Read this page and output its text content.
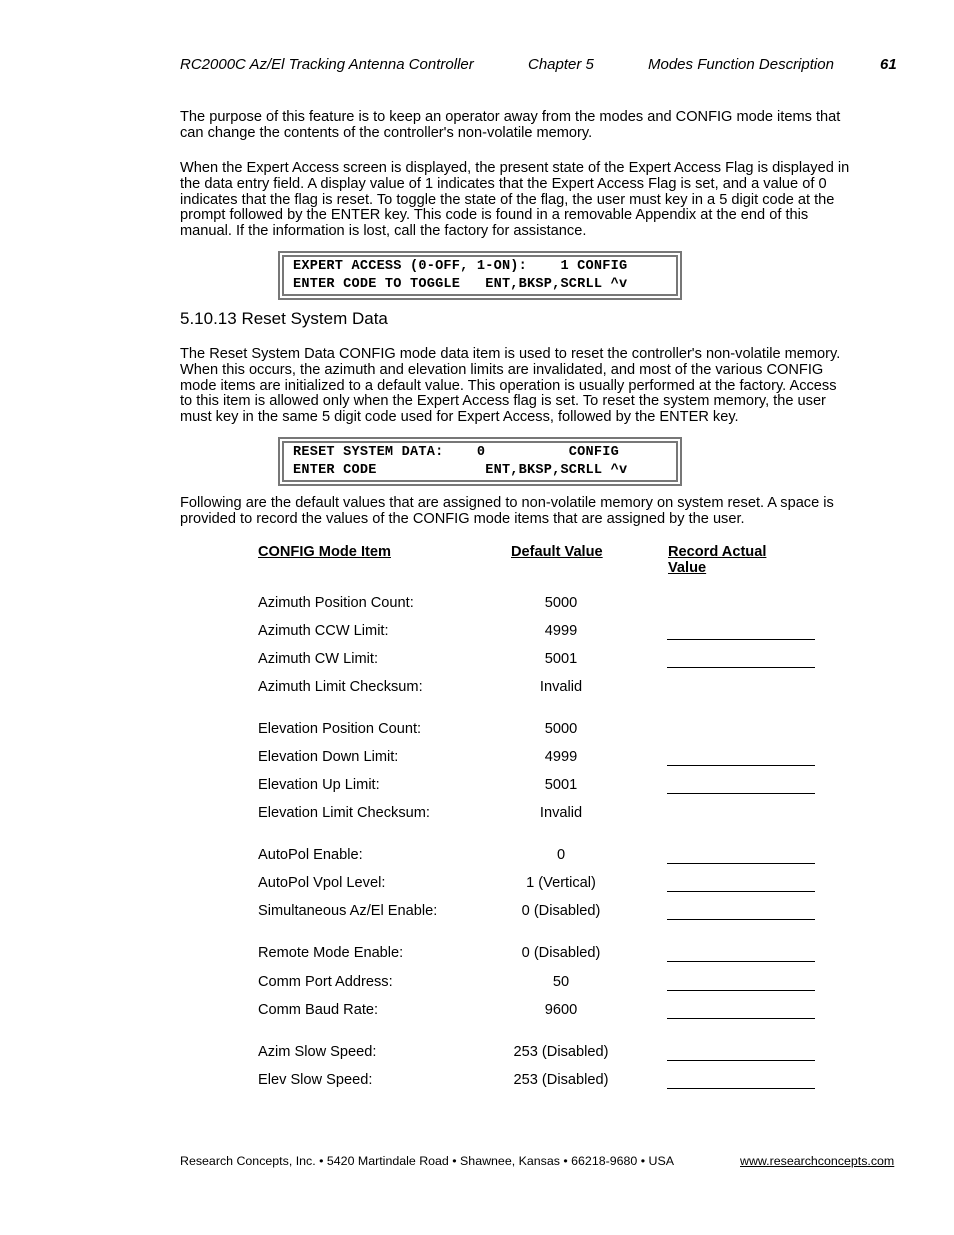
RC2000C Az/El Tracking Antenna Controller	Chapter 5	Modes Function Description	61
The purpose of this feature is to keep an operator away from the modes and CONFIG mode items that
can change the contents of the controller's non-volatile memory.
When the Expert Access screen is displayed, the present state of the Expert Access Flag is displayed in
the data entry field. A display value of 1 indicates that the Expert Access Flag is set, and a value of 0
indicates that the flag is reset. To toggle the state of the flag, the user must key in a 5 digit code at the
prompt followed by the ENTER key. This code is found in a removable Appendix at the end of this
manual. If the information is lost, call the factory for assistance.
EXPERT ACCESS (0-OFF, 1-ON):    1 CONFIG
ENTER CODE TO TOGGLE   ENT,BKSP,SCRLL ^v
5.10.13 Reset System Data
The Reset System Data CONFIG mode data item is used to reset the controller's non-volatile memory.
When this occurs, the azimuth and elevation limits are invalidated, and most of the various CONFIG
mode items are initialized to a default value. This operation is usually performed at the factory. Access
to this item is allowed only when the Expert Access flag is set. To reset the system memory, the user
must key in the same 5 digit code used for Expert Access, followed by the ENTER key.
RESET SYSTEM DATA:    0          CONFIG
ENTER CODE             ENT,BKSP,SCRLL ^v
Following are the default values that are assigned to non-volatile memory on system reset. A space is
provided to record the values of the CONFIG mode items that are assigned by the user.
CONFIG Mode Item	Default Value	Record Actual
Value
Azimuth Position Count:	5000
Azimuth CCW Limit:	4999
Azimuth CW Limit:	5001
Azimuth Limit Checksum:	Invalid
Elevation Position Count:	5000
Elevation Down Limit:	4999
Elevation Up Limit:	5001
Elevation Limit Checksum:	Invalid
AutoPol Enable:	0
AutoPol Vpol Level:	1 (Vertical)
Simultaneous Az/El Enable:	0 (Disabled)
Remote Mode Enable:	0 (Disabled)
Comm Port Address:	50
Comm Baud Rate:	9600
Azim Slow Speed:	253 (Disabled)
Elev Slow Speed:	253 (Disabled)
Research Concepts, Inc. • 5420 Martindale Road • Shawnee, Kansas • 66218-9680 • USA	www.researchconcepts.com
